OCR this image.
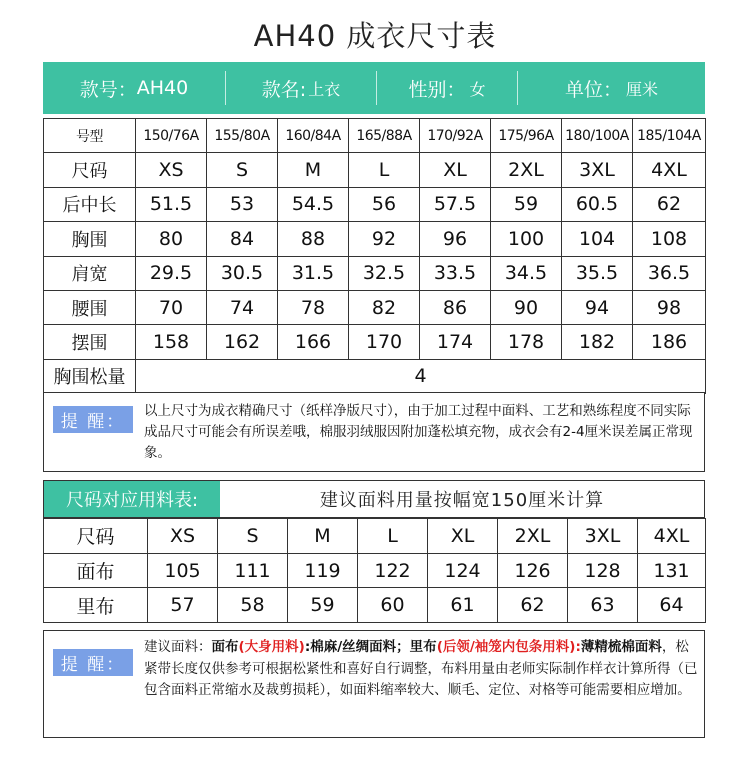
AH40 成衣尺寸表
款号： AH40	款名: 上衣	性别： 女	单位： 厘米
号型	150/76A	155/80A	160/84A	165/88A	170/92A	175/96A	180/100A	185/104A
尺码	XS	S	M	L	XL	2XL	3XL	4XL
后中长	51.5	53	54.5	56	57.5	59	60.5	62
胸围	80	84	88	92	96	100	104	108
肩宽	29.5	30.5	31.5	32.5	33.5	34.5	35.5	36.5
腰围	70	74	78	82	86	90	94	98
摆围	158	162	166	170	174	178	182	186
胸围松量	4							
提 醒：
以上尺寸为成衣精确尺寸（纸样净版尺寸），由于加工过程中面料、工艺和熟练程度不同实际成品尺寸可能会有所误差哦，棉服羽绒服因附加蓬松填充物，成衣会有2-4厘米误差属正常现象。
尺码对应用料表:	建议面料用量按幅宽150厘米计算
尺码	XS	S	M	L	XL	2XL	3XL	4XL
面布	105	111	119	122	124	126	128	131
里布	57	58	59	60	61	62	63	64
提 醒：
建议面料：面布(大身用料):棉麻/丝绸面料；里布(后领/袖笼内包条用料):薄精梳棉面料，松紧带长度仅供参考可根据松紧性和喜好自行调整，布料用量由老师实际制作样衣计算所得（已包含面料正常缩水及裁剪损耗），如面料缩率较大、顺毛、定位、对格等可能需要相应增加。
